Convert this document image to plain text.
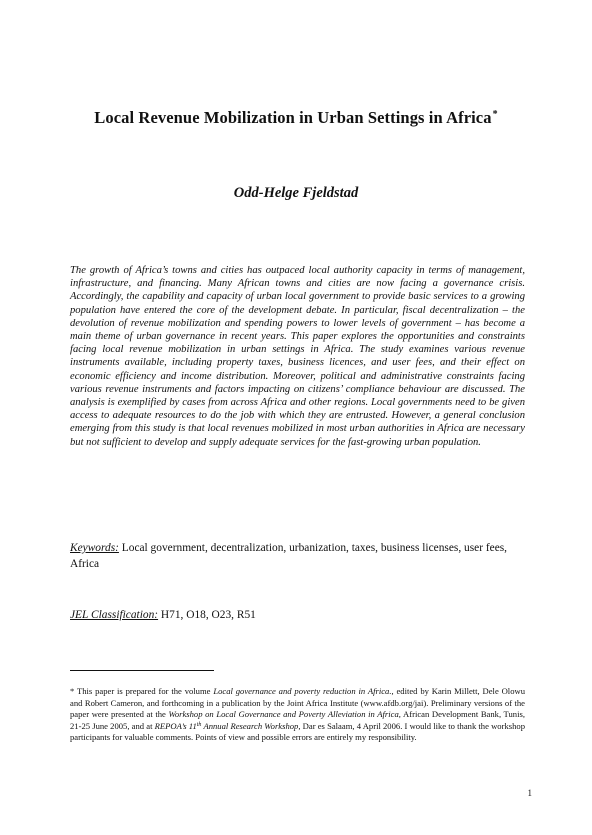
Local Revenue Mobilization in Urban Settings in Africa*
Odd-Helge Fjeldstad

The growth of Africa’s towns and cities has outpaced local authority capacity in terms of management, infrastructure, and financing. Many African towns and cities are now facing a governance crisis. Accordingly, the capability and capacity of urban local government to provide basic services to a growing population have entered the core of the development debate. In particular, fiscal decentralization – the devolution of revenue mobilization and spending powers to lower levels of government – has become a main theme of urban governance in recent years. This paper explores the opportunities and constraints facing local revenue mobilization in urban settings in Africa. The study examines various revenue instruments available, including property taxes, business licences, and user fees, and their effect on economic efficiency and income distribution. Moreover, political and administrative constraints facing various revenue instruments and factors impacting on citizens’ compliance behaviour are discussed. The analysis is exemplified by cases from across Africa and other regions. Local governments need to be given access to adequate resources to do the job with which they are entrusted. However, a general conclusion emerging from this study is that local revenues mobilized in most urban authorities in Africa are necessary but not sufficient to develop and supply adequate services for the fast-growing urban population.

Keywords: Local government, decentralization, urbanization, taxes, business licenses, user fees, Africa

JEL Classification: H71, O18, O23, R51

* This paper is prepared for the volume Local governance and poverty reduction in Africa., edited by Karin Millett, Dele Olowu and Robert Cameron, and forthcoming in a publication by the Joint Africa Institute (www.afdb.org/jai). Preliminary versions of the paper were presented at the Workshop on Local Governance and Poverty Alleviation in Africa, African Development Bank, Tunis, 21-25 June 2005, and at REPOA’s 11th Annual Research Workshop, Dar es Salaam, 4 April 2006. I would like to thank the workshop participants for valuable comments. Points of view and possible errors are entirely my responsibility.

1
